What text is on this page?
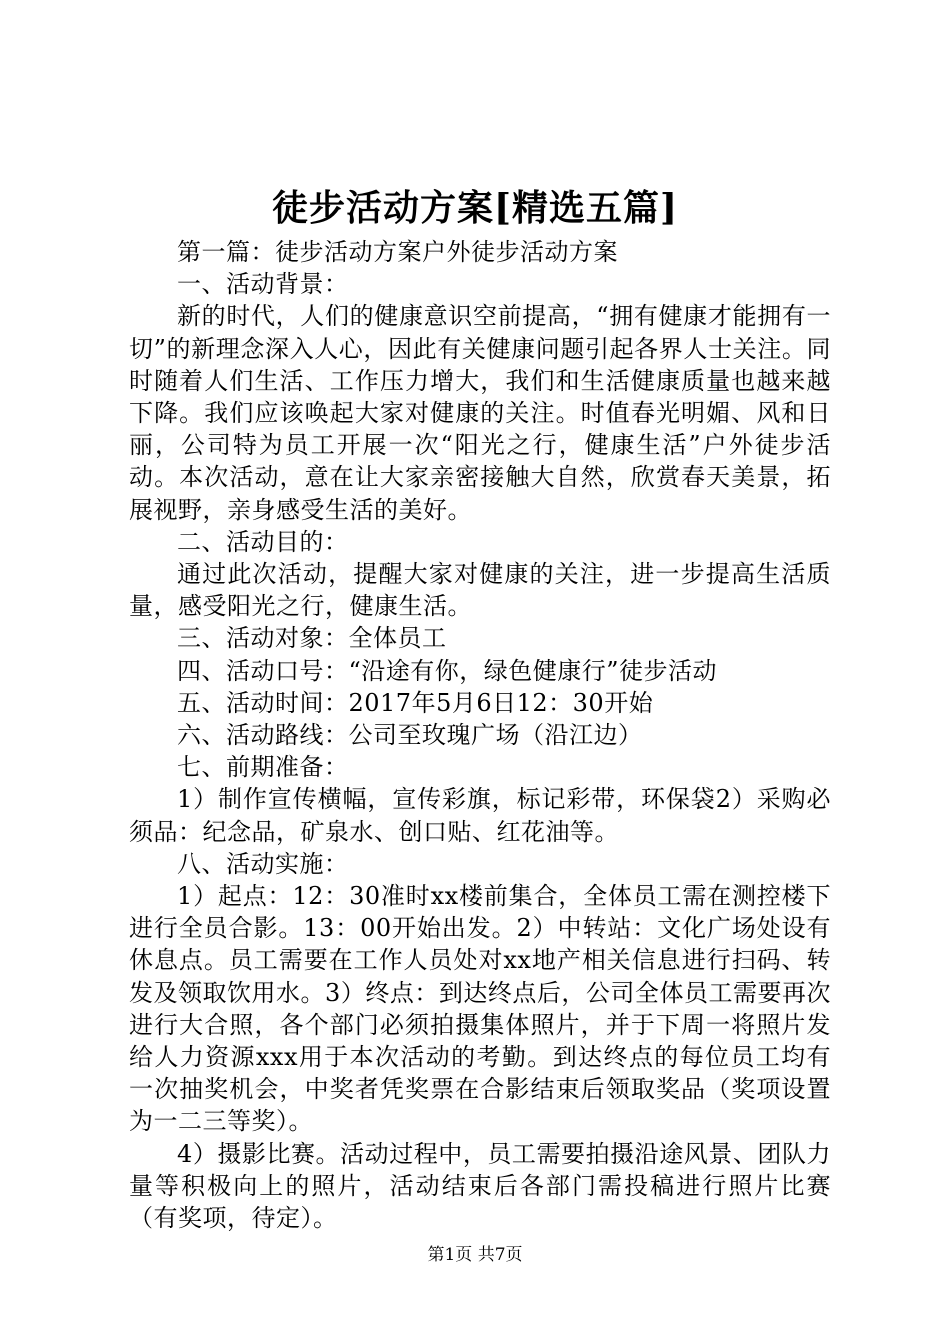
徒步活动方案[精选五篇]

第一篇：徒步活动方案户外徒步活动方案

一、活动背景：

新的时代，人们的健康意识空前提高，“拥有健康才能拥有一切”的新理念深入人心，因此有关健康问题引起各界人士关注。同时随着人们生活、工作压力增大，我们和生活健康质量也越来越下降。我们应该唤起大家对健康的关注。时值春光明媚、风和日丽，公司特为员工开展一次“阳光之行，健康生活”户外徒步活动。本次活动，意在让大家亲密接触大自然，欣赏春天美景，拓展视野，亲身感受生活的美好。

二、活动目的：

通过此次活动，提醒大家对健康的关注，进一步提高生活质量，感受阳光之行，健康生活。

三、活动对象：全体员工

四、活动口号：“沿途有你，绿色健康行”徒步活动

五、活动时间：2017年5月6日12：30开始

六、活动路线：公司至玫瑰广场（沿江边）

七、前期准备：

1）制作宣传横幅，宣传彩旗，标记彩带，环保袋2）采购必须品：纪念品，矿泉水、创口贴、红花油等。

八、活动实施：

1）起点：12：30准时xx楼前集合，全体员工需在测控楼下进行全员合影。13：00开始出发。2）中转站：文化广场处设有休息点。员工需要在工作人员处对xx地产相关信息进行扫码、转发及领取饮用水。3）终点：到达终点后，公司全体员工需要再次进行大合照，各个部门必须拍摄集体照片，并于下周一将照片发给人力资源xxx用于本次活动的考勤。到达终点的每位员工均有一次抽奖机会，中奖者凭奖票在合影结束后领取奖品（奖项设置为一二三等奖）。

4）摄影比赛。活动过程中，员工需要拍摄沿途风景、团队力量等积极向上的照片，活动结束后各部门需投稿进行照片比赛（有奖项，待定）。

第1页 共7页
